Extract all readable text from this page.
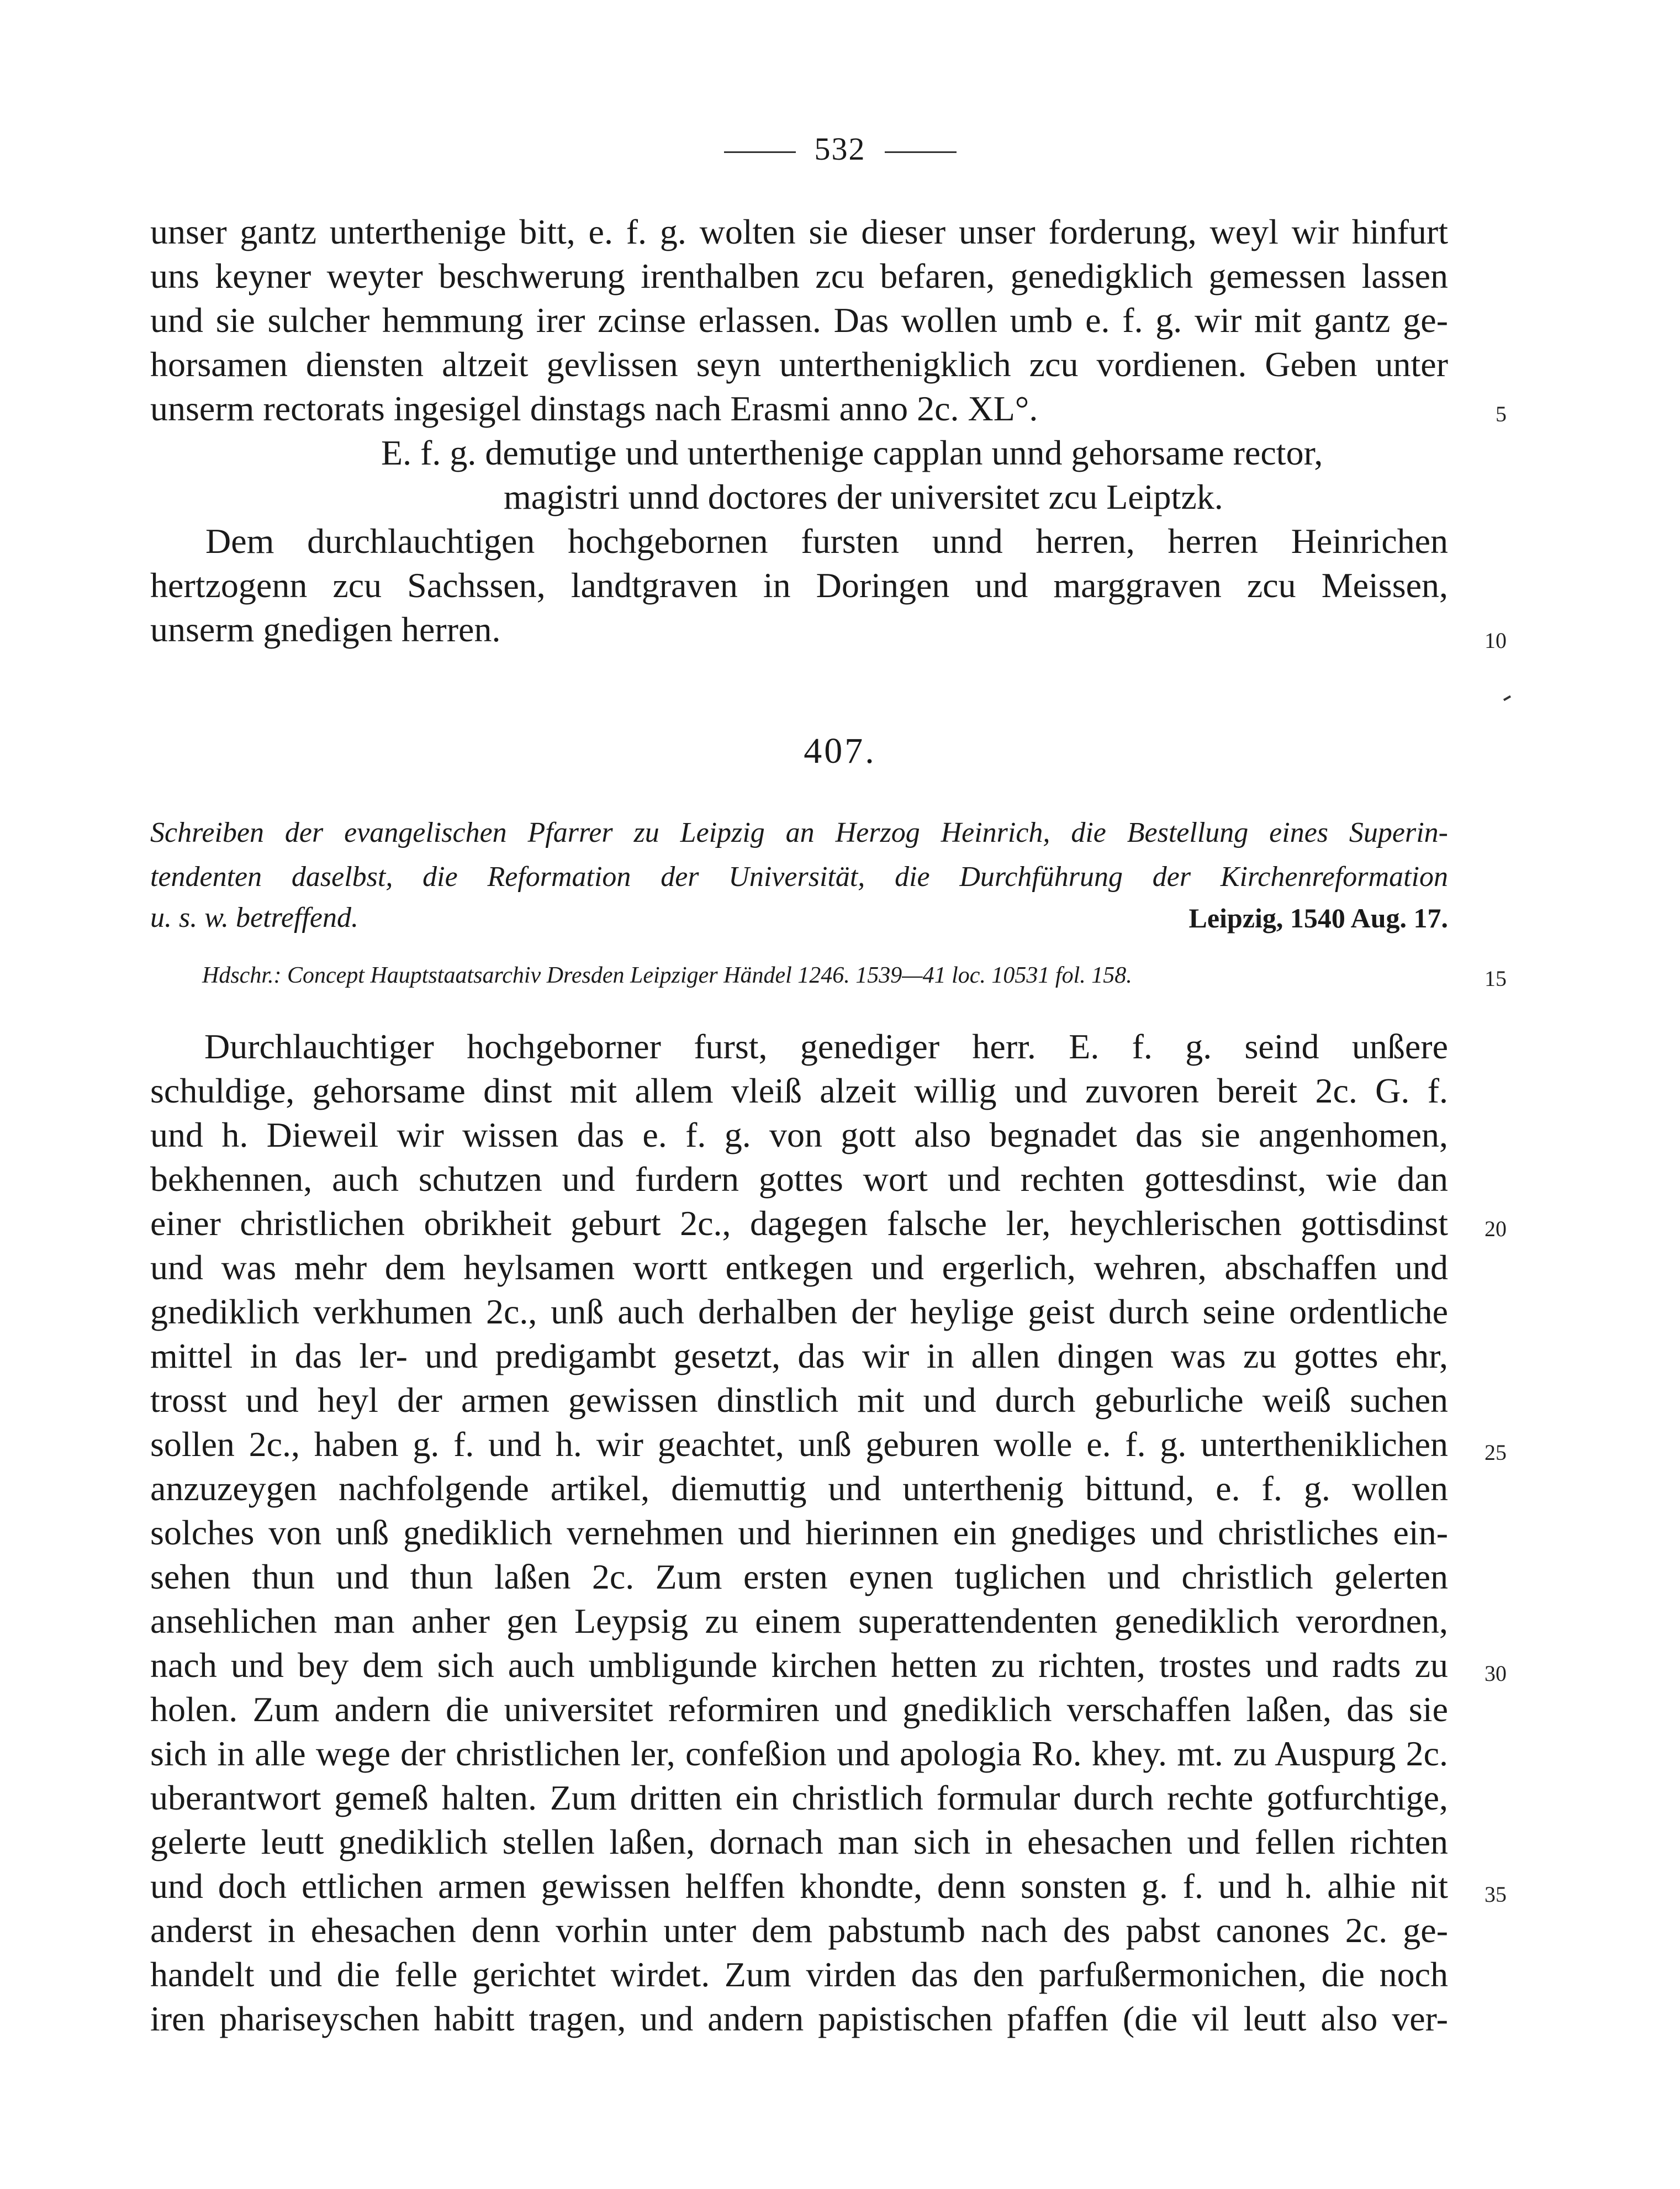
532
unser gantz unterthenige bitt, e. f. g. wolten sie dieser unser forderung, weyl wir hinfurt
uns keyner weyter beschwerung irenthalben zcu befaren, genedigklich gemessen lassen
und sie sulcher hemmung irer zcinse erlassen. Das wollen umb e. f. g. wir mit gantz ge-
horsamen diensten altzeit gevlissen seyn unterthenigklich zcu vordienen. Geben unter
unserm rectorats ingesigel dinstags nach Erasmi anno 2c. XL°.	5
E. f. g. demutige und unterthenige capplan unnd gehorsame rector,
magistri unnd doctores der universitet zcu Leiptzk.
Dem durchlauchtigen hochgebornen fursten unnd herren, herren Heinrichen
hertzogenn zcu Sachssen, landtgraven in Doringen und marggraven zcu Meissen,
unserm gnedigen herren.	10
407.
Schreiben der evangelischen Pfarrer zu Leipzig an Herzog Heinrich, die Bestellung eines Superin-
tendenten daselbst, die Reformation der Universität, die Durchführung der Kirchenreformation
u. s. w. betreffend.	Leipzig, 1540 Aug. 17.
Hdschr.: Concept Hauptstaatsarchiv Dresden Leipziger Händel 1246. 1539—41 loc. 10531 fol. 158.	15
Durchlauchtiger hochgeborner furst, genediger herr. E. f. g. seind unßere
schuldige, gehorsame dinst mit allem vleiß alzeit willig und zuvoren bereit 2c. G. f.
und h. Dieweil wir wissen das e. f. g. von gott also begnadet das sie angenhomen,
bekhennen, auch schutzen und furdern gottes wort und rechten gottesdinst, wie dan
einer christlichen obrikheit geburt 2c., dagegen falsche ler, heychlerischen gottisdinst	20
und was mehr dem heylsamen wortt entkegen und ergerlich, wehren, abschaffen und
gnediklich verkhumen 2c., unß auch derhalben der heylige geist durch seine ordentliche
mittel in das ler- und predigambt gesetzt, das wir in allen dingen was zu gottes ehr,
trosst und heyl der armen gewissen dinstlich mit und durch geburliche weiß suchen
sollen 2c., haben g. f. und h. wir geachtet, unß geburen wolle e. f. g. untertheniklichen	25
anzuzeygen nachfolgende artikel, diemuttig und unterthenig bittund, e. f. g. wollen
solches von unß gnediklich vernehmen und hierinnen ein gnediges und christliches ein-
sehen thun und thun laßen 2c. Zum ersten eynen tuglichen und christlich gelerten
ansehlichen man anher gen Leypsig zu einem superattendenten genediklich verordnen,
nach und bey dem sich auch umbligunde kirchen hetten zu richten, trostes und radts zu	30
holen. Zum andern die universitet reformiren und gnediklich verschaffen laßen, das sie
sich in alle wege der christlichen ler, confeßion und apologia Ro. khey. mt. zu Auspurg 2c.
uberantwort gemeß halten. Zum dritten ein christlich formular durch rechte gotfurchtige,
gelerte leutt gnediklich stellen laßen, dornach man sich in ehesachen und fellen richten
und doch ettlichen armen gewissen helffen khondte, denn sonsten g. f. und h. alhie nit	35
anderst in ehesachen denn vorhin unter dem pabstumb nach des pabst canones 2c. ge-
handelt und die felle gerichtet wirdet. Zum virden das den parfußermonichen, die noch
iren phariseyschen habitt tragen, und andern papistischen pfaffen (die vil leutt also ver-
